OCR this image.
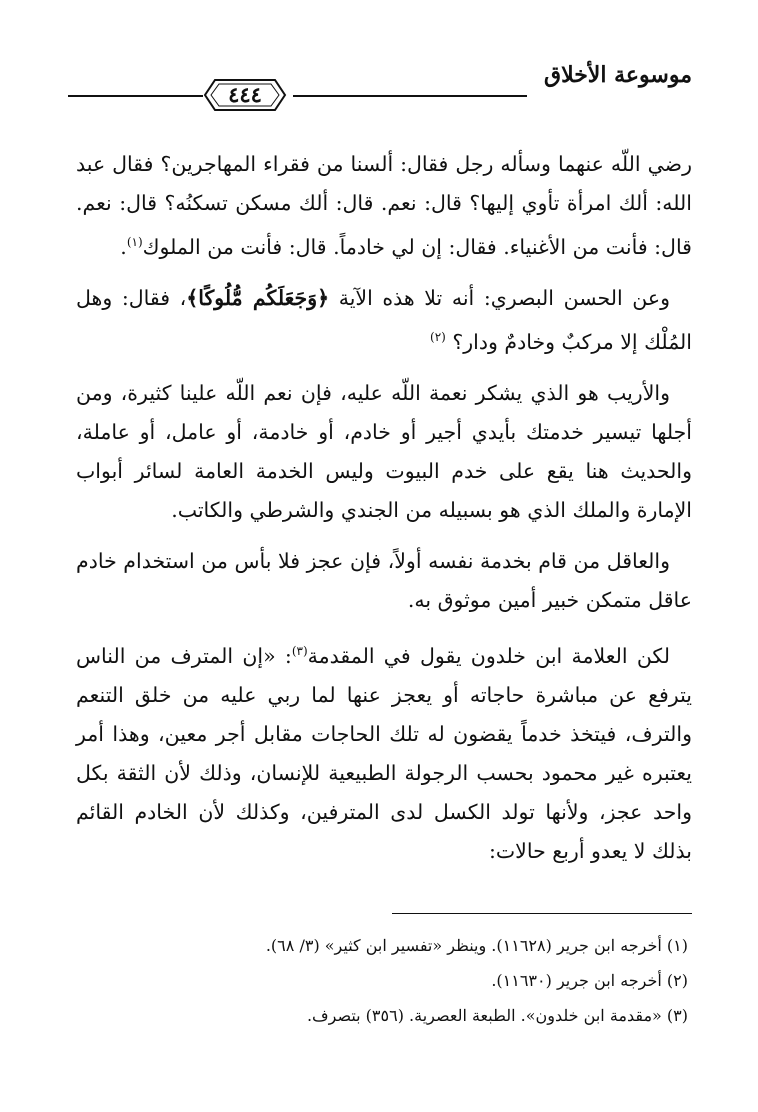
٤٤٤
موسوعة الأخلاق

رضي اللّه عنهما وسأله رجل فقال: ألسنا من فقراء المهاجرين؟ فقال عبد الله: ألك امرأة تأوي إليها؟ قال: نعم. قال: ألك مسكن تسكنُه؟ قال: نعم. قال: فأنت من الأغنياء. فقال: إن لي خادماً. قال: فأنت من الملوك$^{(١)}$.

وعن الحسن البصري: أنه تلا هذه الآية ﴿وَجَعَلَكُم مُّلُوكًا﴾، فقال: وهل المُلْك إلا مركبٌ وخادمٌ ودار؟ $^{(٢)}$

والأريب هو الذي يشكر نعمة اللّه عليه، فإن نعم اللّه علينا كثيرة، ومن أجلها تيسير خدمتك بأيدي أجير أو خادم، أو خادمة، أو عامل، أو عاملة، والحديث هنا يقع على خدم البيوت وليس الخدمة العامة لسائر أبواب الإمارة والملك الذي هو بسبيله من الجندي والشرطي والكاتب.

والعاقل من قام بخدمة نفسه أولاً، فإن عجز فلا بأس من استخدام خادم عاقل متمكن خبير أمين موثوق به.

لكن العلامة ابن خلدون يقول في المقدمة$^{(٣)}$: «إن المترف من الناس يترفع عن مباشرة حاجاته أو يعجز عنها لما ربي عليه من خلق التنعم والترف، فيتخذ خدماً يقضون له تلك الحاجات مقابل أجر معين، وهذا أمر يعتبره غير محمود بحسب الرجولة الطبيعية للإنسان، وذلك لأن الثقة بكل واحد عجز، ولأنها تولد الكسل لدى المترفين، وكذلك لأن الخادم القائم بذلك لا يعدو أربع حالات:

(١) أخرجه ابن جرير (١١٦٢٨). وينظر «تفسير ابن كثير» (٣/ ٦٨).

(٢) أخرجه ابن جرير (١١٦٣٠).

(٣) «مقدمة ابن خلدون». الطبعة العصرية. (٣٥٦) بتصرف.
